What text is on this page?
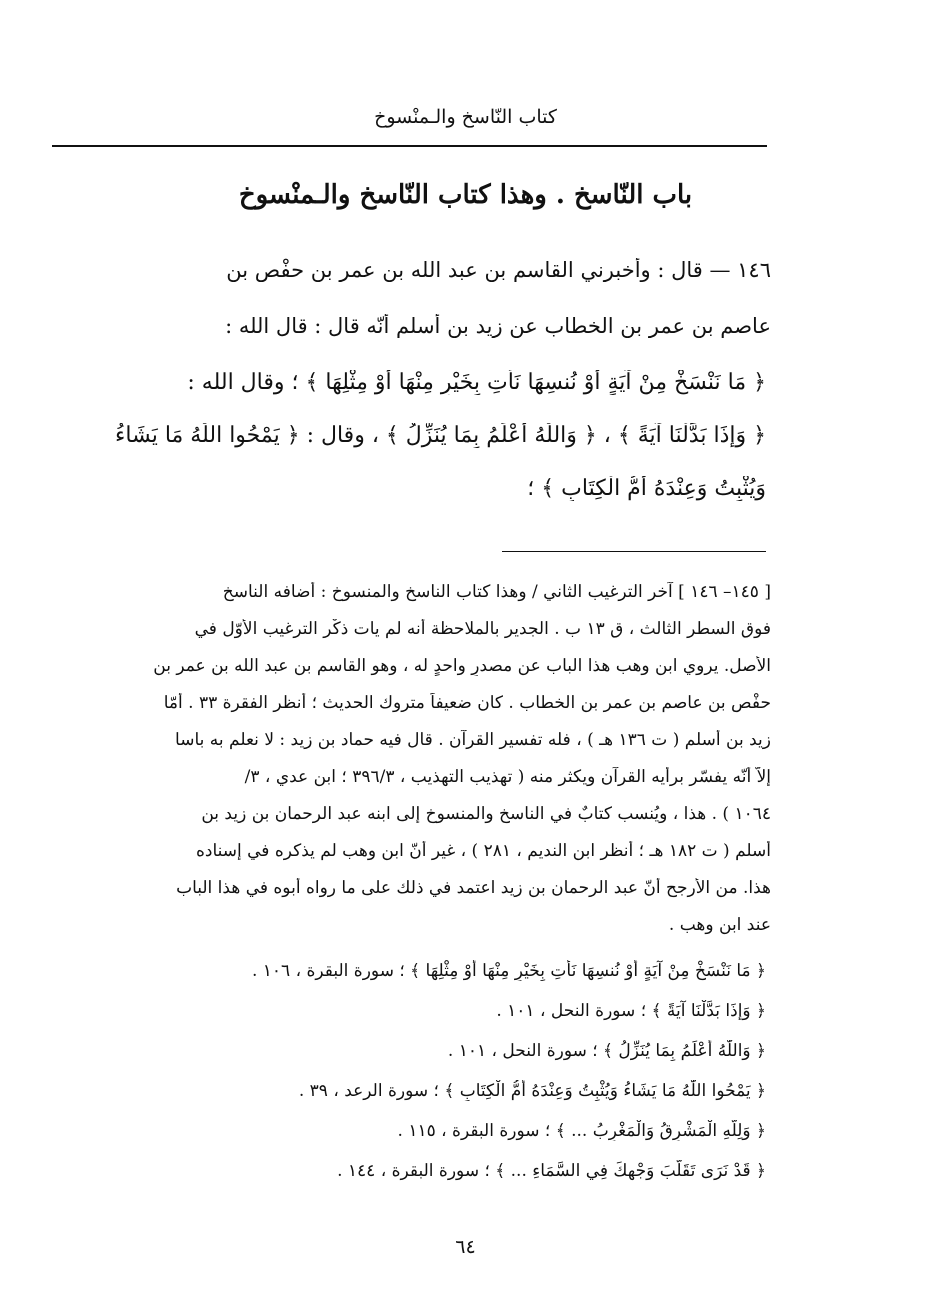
كتاب النّاسخ والـمنْسوخ
باب النّاسخ . وهذا كتاب النّاسخ والـمنْسوخ
١٤٦ — قال : وأخبرني القاسم بن عبد الله بن عمر بن حفْص بن
عاصم بن عمر بن الخطاب عن زيد بن أسلم أنّه قال : قال الله :
﴿ مَا نَنْسَخْ مِنْ آيَةٍ أَوْ نُنسِهَا نَأْتِ بِخَيْرٍ مِنْهَا أَوْ مِثْلِهَا ﴾ ؛ وقال الله :
﴿ وَإِذَا بَدَّلْنَا آيَةً ﴾ ، ﴿ وَاللّٰهُ أَعْلَمُ بِمَا يُنَزِّلُ ﴾ ، وقال : ﴿ يَمْحُوا اللّٰهُ مَا يَشَاءُ
وَيُثْبِتُ وَعِنْدَهُ أُمُّ الْكِتَابِ ﴾ ؛
[ ١٤٥– ١٤٦ ] آخر الترغيب الثاني / وهذا كتاب الناسخ والمنسوخ : أضافه الناسخ
فوق السطر الثالث ، ق ١٣ ب . الجدير بالملاحظة أنه لم يات ذكْر الترغيب الأوّل في
الأصل. يروي ابن وهب هذا الباب عن مصدرٍ واحدٍ له ، وهو القاسم بن عبد الله بن عمر بن
حفْص بن عاصم بن عمر بن الخطاب . كان ضعيفاً متروك الحديث ؛ أنظر الفقرة ٣٣ . أمّا
زيد بن أسلم ( ت ١٣٦ هـ ) ، فله تفسير القرآن . قال فيه حماد بن زيد : لا نعلم به باسا
إلاّ أنّه يفسّر برأيه القرآن ويكثر منه ( تهذيب التهذيب ، ٣٩٦/٣ ؛ ابن عدي ، ٣/
١٠٦٤ ) . هذا ، ويُنسب كتابٌ في الناسخ والمنسوخ إلى ابنه عبد الرحمان بن زيد بن
أسلم ( ت ١٨٢ هـ ؛ أنظر ابن النديم ، ٢٨١ ) ، غير أنّ ابن وهب لم يذكره في إسناده
هذا. من الأرجح أنّ عبد الرحمان بن زيد اعتمد في ذلك على ما رواه أبوه في هذا الباب
عند ابن وهب .
﴿ مَا نَنْسَخْ مِنْ آيَةٍ أَوْ نُنسِهَا نَأْتِ بِخَيْرٍ مِنْهَا أَوْ مِثْلِهَا ﴾ ؛ سورة البقرة ، ١٠٦ .
﴿ وَإِذَا بَدَّلْنَا آيَةً ﴾ ؛ سورة النحل ، ١٠١ .
﴿ وَاللّٰهُ أَعْلَمُ بِمَا يُنَزِّلُ ﴾ ؛ سورة النحل ، ١٠١ .
﴿ يَمْحُوا اللّٰهُ مَا يَشَاءُ وَيُثْبِتُ وَعِنْدَهُ أُمُّ الْكِتَابِ ﴾ ؛ سورة الرعد ، ٣٩ .
﴿ وَلِلَّهِ الْمَشْرِقُ وَالْمَغْرِبُ ... ﴾ ؛ سورة البقرة ، ١١٥ .
﴿ قَدْ نَرَى تَقَلُّبَ وَجْهِكَ فِي السَّمَاءِ ... ﴾ ؛ سورة البقرة ، ١٤٤ .
٦٤
